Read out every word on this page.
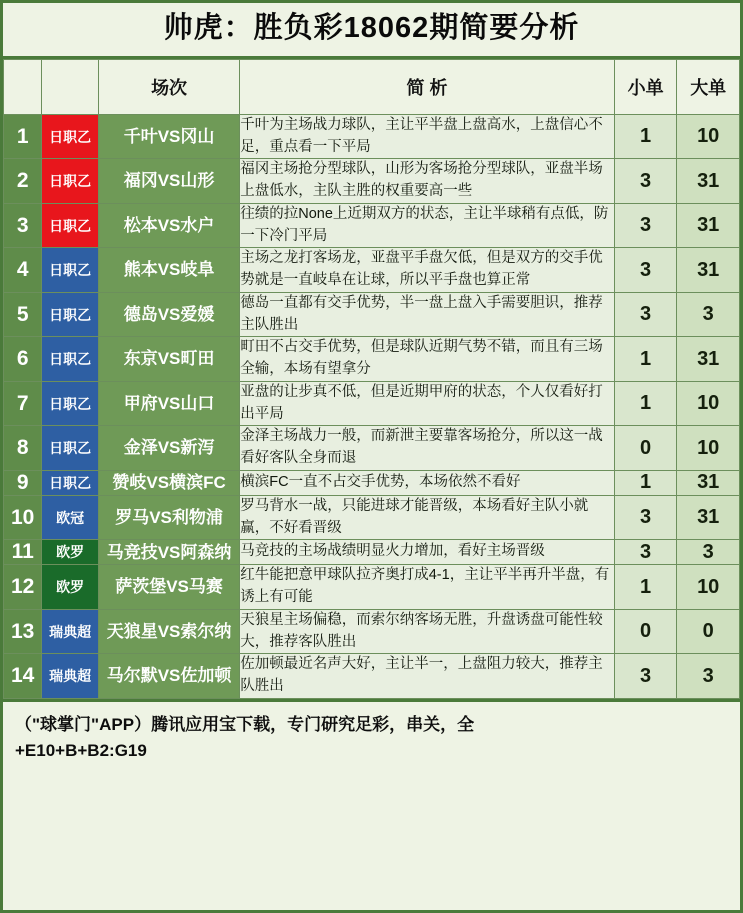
帅虎：胜负彩18062期简要分析
		场次	简 析	小单	大单
1	日职乙	千叶VS冈山	千叶为主场战力球队，主让平半盘上盘高水，上盘信心不足，重点看一下平局	1	10
2	日职乙	福冈VS山形	福冈主场抢分型球队，山形为客场抢分型球队，亚盘半场上盘低水，主队主胜的权重要高一些	3	31
3	日职乙	松本VS水户	往绩的拉None上近期双方的状态，主让半球稍有点低，防一下冷门平局	3	31
4	日职乙	熊本VS岐阜	主场之龙打客场龙，亚盘平手盘欠低，但是双方的交手优势就是一直岐阜在让球，所以平手盘也算正常	3	31
5	日职乙	德岛VS爱媛	德岛一直都有交手优势，半一盘上盘入手需要胆识，推荐主队胜出	3	3
6	日职乙	东京VS町田	町田不占交手优势，但是球队近期气势不错，而且有三场全输，本场有望拿分	1	31
7	日职乙	甲府VS山口	亚盘的让步真不低，但是近期甲府的状态，个人仅看好打出平局	1	10
8	日职乙	金泽VS新泻	金泽主场战力一般，而新泄主要靠客场抢分，所以这一战看好客队全身而退	0	10
9	日职乙	赞岐VS横滨FC	横滨FC一直不占交手优势，本场依然不看好	1	31
10	欧冠	罗马VS利物浦	罗马背水一战，只能进球才能晋级，本场看好主队小就赢，不好看晋级	3	31
11	欧罗	马竞技VS阿森纳	马竞技的主场战绩明显火力增加，看好主场晋级	3	3
12	欧罗	萨茨堡VS马赛	红牛能把意甲球队拉齐奥打成4-1，主让平半再升半盘，有诱上有可能	1	10
13	瑞典超	天狼星VS索尔纳	天狼星主场偏稳，而索尔纳客场无胜，升盘诱盘可能性较大，推荐客队胜出	0	0
14	瑞典超	马尔默VS佐加顿	佐加顿最近名声大好，主让半一，上盘阻力较大，推荐主队胜出	3	3
（"球掌门"APP）腾讯应用宝下载，专门研究足彩，串关，全
+E10+B+B2:G19
